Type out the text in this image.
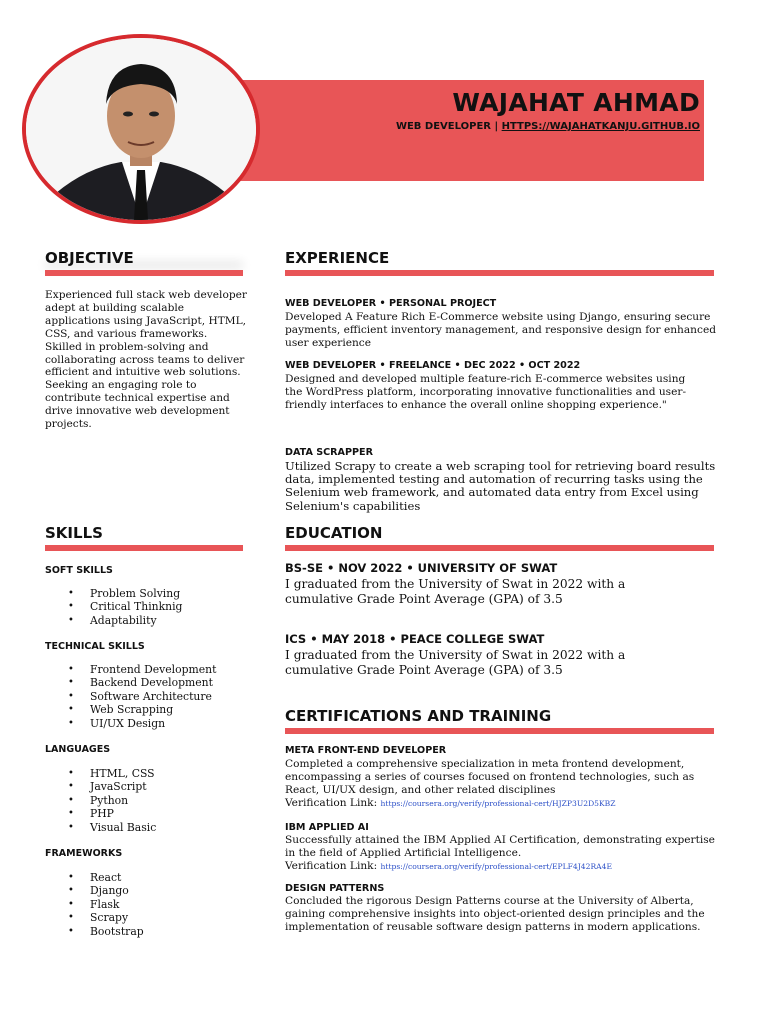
WAJAHAT AHMAD
WEB DEVELOPER | HTTPS://WAJAHATKANJU.GITHUB.IO
OBJECTIVE
Experienced full stack web developer adept at building scalable applications using JavaScript, HTML, CSS, and various frameworks. Skilled in problem-solving and collaborating across teams to deliver efficient and intuitive web solutions. Seeking an engaging role to contribute technical expertise and drive innovative web development projects.
SKILLS
SOFT SKILLS
• Problem Solving
• Critical Thinknig
• Adaptability
TECHNICAL SKILLS
• Frontend Development
• Backend Development
• Software Architecture
• Web Scrapping
• UI/UX Design
LANGUAGES
• HTML, CSS
• JavaScript
• Python
• PHP
• Visual Basic
FRAMEWORKS
• React
• Django
• Flask
• Scrapy
• Bootstrap
EXPERIENCE
WEB DEVELOPER • PERSONAL PROJECT
Developed A Feature Rich E-Commerce website using Django, ensuring secure payments, efficient inventory management, and responsive design for enhanced user experience
WEB DEVELOPER • FREELANCE • DEC 2022 • OCT 2022
Designed and developed multiple feature-rich E-commerce websites using the WordPress platform, incorporating innovative functionalities and user-friendly interfaces to enhance the overall online shopping experience."
DATA SCRAPPER
Utilized Scrapy to create a web scraping tool for retrieving board results data, implemented testing and automation of recurring tasks using the Selenium web framework, and automated data entry from Excel using Selenium's capabilities
EDUCATION
BS-SE • NOV 2022 • UNIVERSITY OF SWAT
I graduated from the University of Swat in 2022 with a cumulative Grade Point Average (GPA) of 3.5
ICS • MAY 2018 • PEACE COLLEGE SWAT
I graduated from the University of Swat in 2022 with a cumulative Grade Point Average (GPA) of 3.5
CERTIFICATIONS AND TRAINING
META FRONT-END DEVELOPER
Completed a comprehensive specialization in meta frontend development, encompassing a series of courses focused on frontend technologies, such as React, UI/UX design, and other related disciplines
Verification Link: https://coursera.org/verify/professional-cert/HJZP3U2D5KBZ
IBM APPLIED AI
Successfully attained the IBM Applied AI Certification, demonstrating expertise in the field of Applied Artificial Intelligence.
Verification Link: https://coursera.org/verify/professional-cert/EPLF4J42RA4E
DESIGN PATTERNS
Concluded the rigorous Design Patterns course at the University of Alberta, gaining comprehensive insights into object-oriented design principles and the implementation of reusable software design patterns in modern applications.
